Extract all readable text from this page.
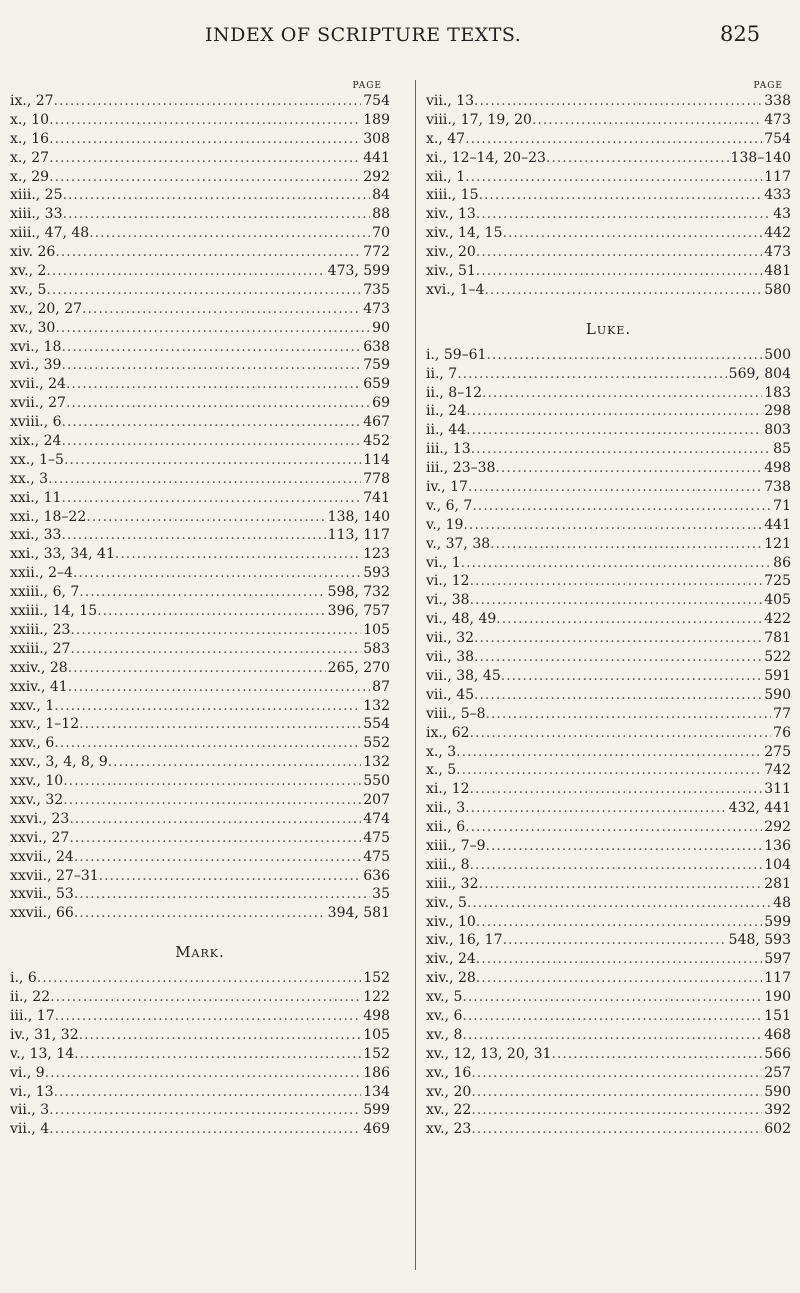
INDEX OF SCRIPTURE TEXTS.	825
PAGE
ix., 27 .....	754
x., 10 .....	189
x., 16 .....	308
x., 27 .....	441
x., 29 .....	292
xiii., 25 .....	84
xiii., 33 .....	88
xiii., 47, 48 .....	70
xiv. 26 .....	772
xv., 2 .....	473, 599
xv., 5 .....	735
xv., 20, 27 .....	473
xv., 30 .....	90
xvi., 18 .....	638
xvi., 39 .....	759
xvii., 24 .....	659
xvii., 27 .....	69
xviii., 6 .....	467
xix., 24 .....	452
xx., 1–5 .....	114
xx., 3 .....	778
xxi., 11 .....	741
xxi., 18–22 .....	138, 140
xxi., 33 .....	113, 117
xxi., 33, 34, 41 .....	123
xxii., 2–4 .....	593
xxiii., 6, 7 .....	598, 732
xxiii., 14, 15 .....	396, 757
xxiii., 23 .....	105
xxiii., 27 .....	583
xxiv., 28 .....	265, 270
xxiv., 41 .....	87
xxv., 1 .....	132
xxv., 1–12 .....	554
xxv., 6 .....	552
xxv., 3, 4, 8, 9 .....	132
xxv., 10 .....	550
xxv., 32 .....	207
xxvi., 23 .....	474
xxvi., 27 .....	475
xxvii., 24 .....	475
xxvii., 27–31 .....	636
xxvii., 53 .....	35
xxvii., 66 .....	394, 581
Mark.
i., 6 .....	152
ii., 22 .....	122
iii., 17 .....	498
iv., 31, 32 .....	105
v., 13, 14 .....	152
vi., 9 .....	186
vi., 13 .....	134
vii., 3 .....	599
vii., 4 .....	469
PAGE
vii., 13 .....	338
viii., 17, 19, 20 .....	473
x., 47 .....	754
xi., 12–14, 20–23 .....	138–140
xii., 1 .....	117
xiii., 15 .....	433
xiv., 13 .....	43
xiv., 14, 15 .....	442
xiv., 20 .....	473
xiv., 51 .....	481
xvi., 1–4 .....	580
Luke.
i., 59–61 .....	500
ii., 7 .....	569, 804
ii., 8–12 .....	183
ii., 24 .....	298
ii., 44 .....	803
iii., 13 .....	85
iii., 23–38 .....	498
iv., 17 .....	738
v., 6, 7 .....	71
v., 19 .....	441
v., 37, 38 .....	121
vi., 1 .....	86
vi., 12 .....	725
vi., 38 .....	405
vi., 48, 49 .....	422
vii., 32 .....	781
vii., 38 .....	522
vii., 38, 45 .....	591
vii., 45 .....	590
viii., 5–8 .....	77
ix., 62 .....	76
x., 3 .....	275
x., 5 .....	742
xi., 12 .....	311
xii., 3 .....	432, 441
xii., 6 .....	292
xiii., 7–9 .....	136
xiii., 8 .....	104
xiii., 32 .....	281
xiv., 5 .....	48
xiv., 10 .....	599
xiv., 16, 17 .....	548, 593
xiv., 24 .....	597
xiv., 28 .....	117
xv., 5 .....	190
xv., 6 .....	151
xv., 8 .....	468
xv., 12, 13, 20, 31 .....	566
xv., 16 .....	257
xv., 20 .....	590
xv., 22 .....	392
xv., 23 .....	602
